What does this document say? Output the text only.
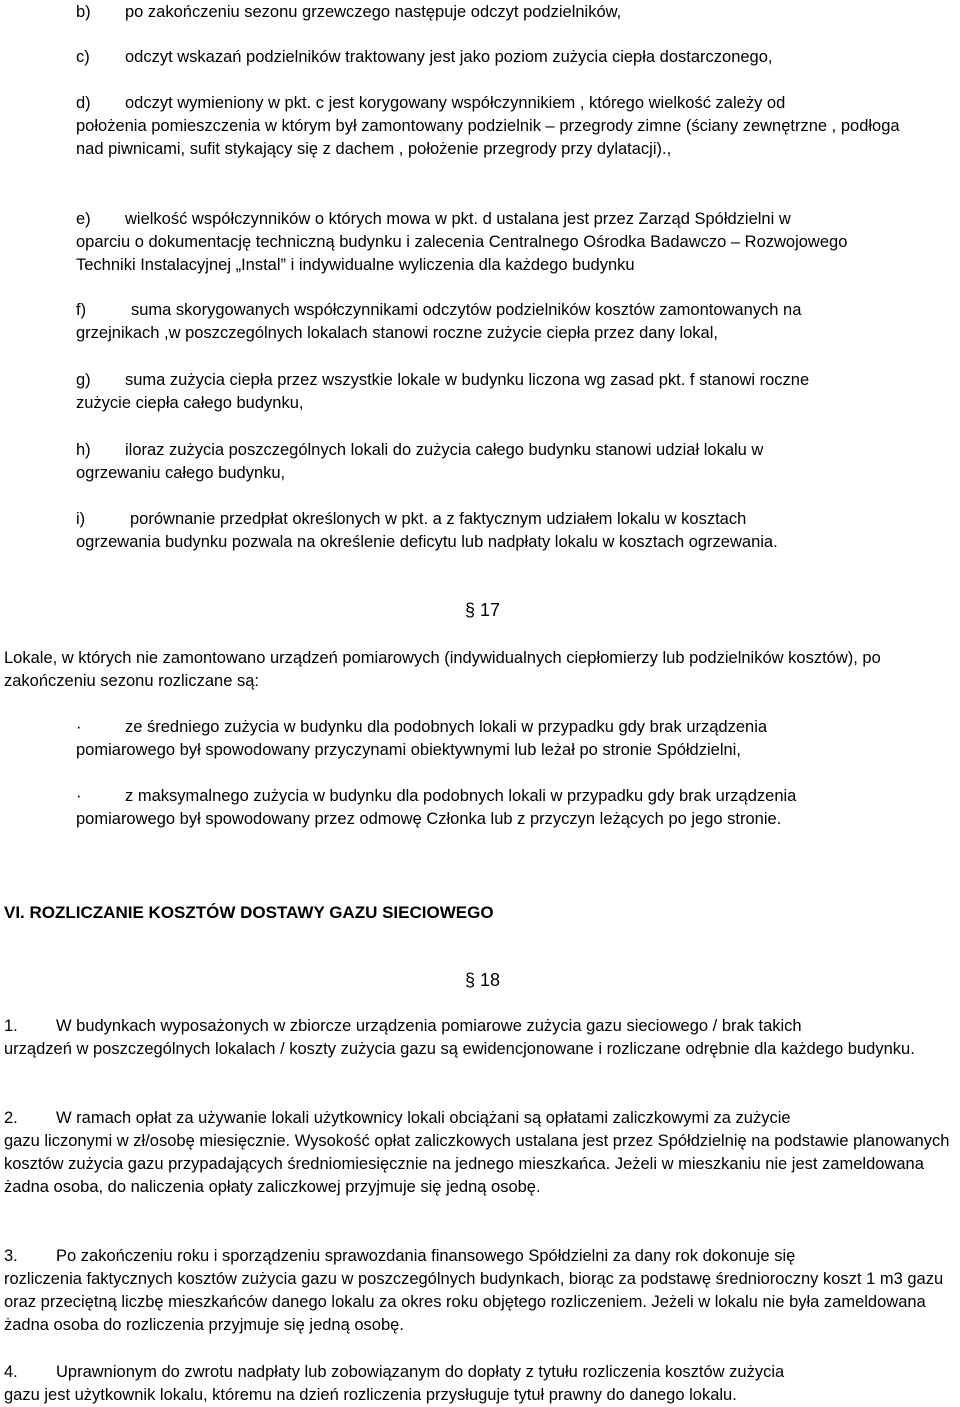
b) po zakończeniu sezonu grzewczego następuje odczyt podzielników,
c) odczyt wskazań podzielników traktowany jest jako poziom zużycia ciepła dostarczonego,
d) odczyt wymieniony w pkt. c jest korygowany współczynnikiem , którego wielkość zależy od
położenia pomieszczenia w którym był zamontowany podzielnik – przegrody zimne (ściany zewnętrzne , podłoga nad piwnicami, sufit stykający się z dachem , położenie przegrody przy dylatacji).,
e) wielkość współczynników o których mowa w pkt. d ustalana jest przez Zarząd Spółdzielni w
oparciu o dokumentację techniczną budynku i zalecenia Centralnego Ośrodka Badawczo – Rozwojowego Techniki Instalacyjnej „Instal” i indywidualne wyliczenia dla każdego budynku
f)	suma skorygowanych współczynnikami odczytów podzielników kosztów zamontowanych na
grzejnikach ,w poszczególnych lokalach stanowi roczne zużycie ciepła przez dany lokal,
g) suma zużycia ciepła przez wszystkie lokale w budynku liczona wg zasad pkt. f stanowi roczne
zużycie ciepła całego budynku,
h) iloraz zużycia poszczególnych lokali do zużycia całego budynku stanowi udział lokalu w
ogrzewaniu całego budynku,
i)	porównanie przedpłat określonych w pkt. a z faktycznym udziałem lokalu w kosztach
ogrzewania budynku pozwala na określenie deficytu lub nadpłaty lokalu w kosztach ogrzewania.
§ 17
Lokale, w których nie zamontowano urządzeń pomiarowych (indywidualnych ciepłomierzy lub podzielników kosztów), po zakończeniu sezonu rozliczane są:
·	ze średniego zużycia w budynku dla podobnych lokali w przypadku gdy brak urządzenia
pomiarowego był spowodowany przyczynami obiektywnymi lub leżał po stronie Spółdzielni,
·	z maksymalnego zużycia w budynku dla podobnych lokali w przypadku gdy brak urządzenia
pomiarowego był spowodowany przez odmowę Członka lub z przyczyn leżących po jego stronie.
VI. ROZLICZANIE KOSZTÓW DOSTAWY GAZU SIECIOWEGO
§ 18
1. W budynkach wyposażonych w zbiorcze urządzenia pomiarowe zużycia gazu sieciowego / brak takich
urządzeń w poszczególnych lokalach / koszty zużycia gazu są ewidencjonowane i rozliczane odrębnie dla każdego budynku.
2. W ramach opłat za używanie lokali użytkownicy lokali obciążani są opłatami zaliczkowymi za zużycie
gazu liczonymi w zł/osobę miesięcznie. Wysokość opłat zaliczkowych ustalana jest przez Spółdzielnię na podstawie planowanych kosztów zużycia gazu przypadających średniomiesięcznie na jednego mieszkańca. Jeżeli w mieszkaniu nie jest zameldowana żadna osoba, do naliczenia opłaty zaliczkowej przyjmuje się jedną osobę.
3. Po zakończeniu roku i sporządzeniu sprawozdania finansowego Spółdzielni za dany rok dokonuje się
rozliczenia faktycznych kosztów zużycia gazu w poszczególnych budynkach, biorąc za podstawę średnioroczny koszt 1 m3 gazu oraz przeciętną liczbę mieszkańców danego lokalu za okres roku objętego rozliczeniem. Jeżeli w lokalu nie była zameldowana żadna osoba do rozliczenia przyjmuje się jedną osobę.
4. Uprawnionym do zwrotu nadpłaty lub zobowiązanym do dopłaty z tytułu rozliczenia kosztów zużycia
gazu jest użytkownik lokalu, któremu na dzień rozliczenia przysługuje tytuł prawny do danego lokalu.
